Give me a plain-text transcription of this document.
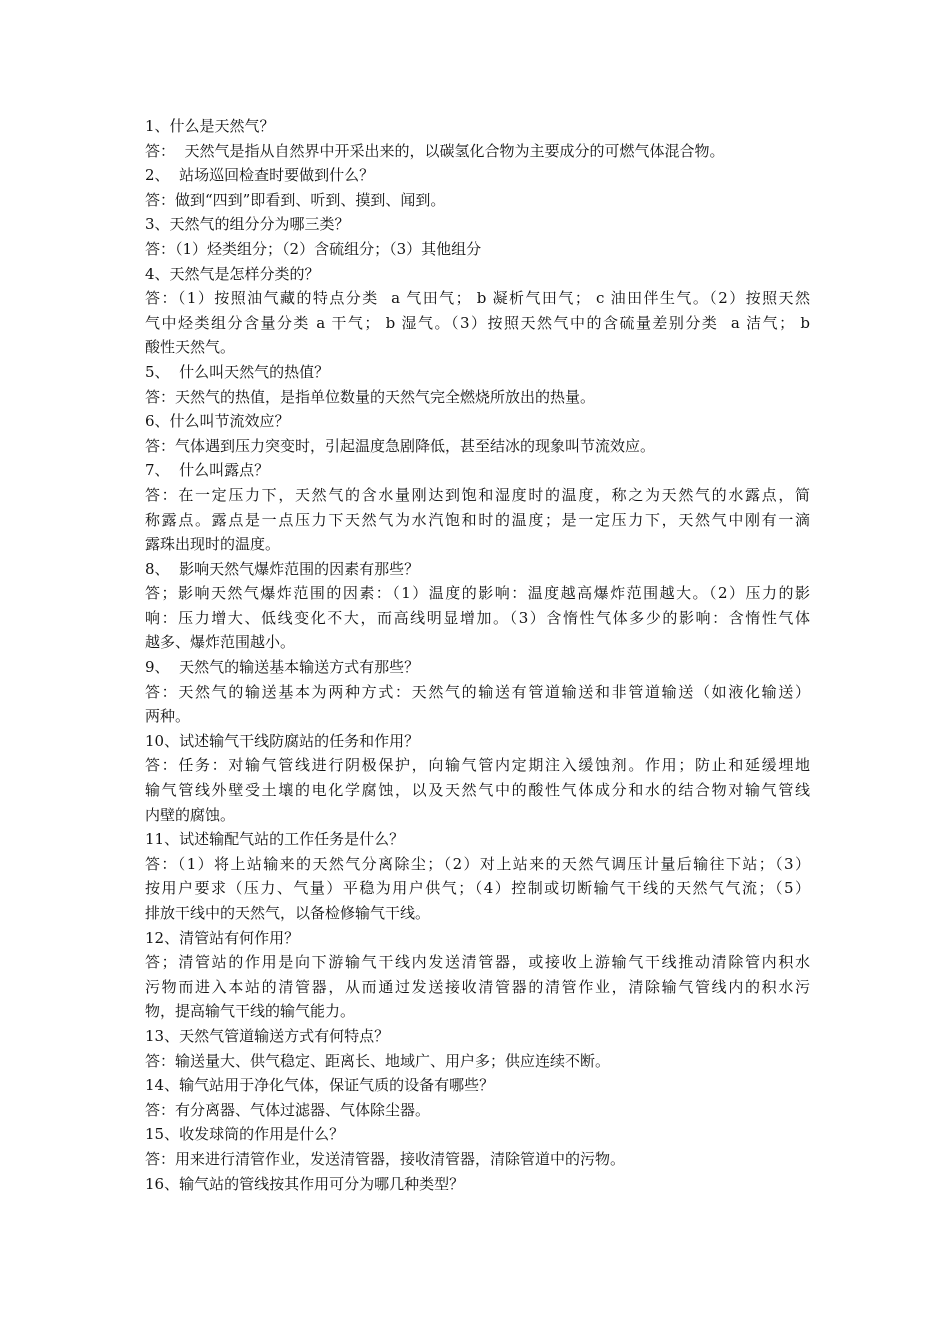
1、什么是天然气？
答：  天然气是指从自然界中开采出来的，以碳氢化合物为主要成分的可燃气体混合物。
2、  站场巡回检查时要做到什么？
答：做到“四到”即看到、听到、摸到、闻到。
3、天然气的组分分为哪三类？
答：（1）烃类组分；（2）含硫组分；（3）其他组分
4、天然气是怎样分类的？
答：（1）按照油气藏的特点分类  a 气田气； b 凝析气田气； c 油田伴生气。（2）按照天然
气中烃类组分含量分类 a 干气； b 湿气。（3）按照天然气中的含硫量差别分类  a 洁气； b
酸性天然气。
5、  什么叫天然气的热值？
答：天然气的热值，是指单位数量的天然气完全燃烧所放出的热量。
6、什么叫节流效应？
答：气体遇到压力突变时，引起温度急剧降低，甚至结冰的现象叫节流效应。
7、  什么叫露点？
答：在一定压力下，天然气的含水量刚达到饱和湿度时的温度，称之为天然气的水露点，简
称露点。露点是一点压力下天然气为水汽饱和时的温度；是一定压力下，天然气中刚有一滴
露珠出现时的温度。
8、  影响天然气爆炸范围的因素有那些？
答；影响天然气爆炸范围的因素：（1）温度的影响：温度越高爆炸范围越大。（2）压力的影
响：压力增大、低线变化不大，而高线明显增加。（3）含惰性气体多少的影响：含惰性气体
越多、爆炸范围越小。
9、  天然气的输送基本输送方式有那些？
答：天然气的输送基本为两种方式：天然气的输送有管道输送和非管道输送（如液化输送）
两种。
10、试述输气干线防腐站的任务和作用？
答：任务：对输气管线进行阴极保护，向输气管内定期注入缓蚀剂。作用；防止和延缓埋地
输气管线外壁受土壤的电化学腐蚀，以及天然气中的酸性气体成分和水的结合物对输气管线
内壁的腐蚀。
11、试述输配气站的工作任务是什么？
答：（1）将上站输来的天然气分离除尘；（2）对上站来的天然气调压计量后输往下站；（3）
按用户要求（压力、气量）平稳为用户供气；（4）控制或切断输气干线的天然气气流；（5）
排放干线中的天然气，以备检修输气干线。
12、清管站有何作用？
答；清管站的作用是向下游输气干线内发送清管器，或接收上游输气干线推动清除管内积水
污物而进入本站的清管器，从而通过发送接收清管器的清管作业，清除输气管线内的积水污
物，提高输气干线的输气能力。
13、天然气管道输送方式有何特点？
答：输送量大、供气稳定、距离长、地域广、用户多；供应连续不断。
14、输气站用于净化气体，保证气质的设备有哪些？
答：有分离器、气体过滤器、气体除尘器。
15、收发球筒的作用是什么？
答：用来进行清管作业，发送清管器，接收清管器，清除管道中的污物。
16、输气站的管线按其作用可分为哪几种类型？
